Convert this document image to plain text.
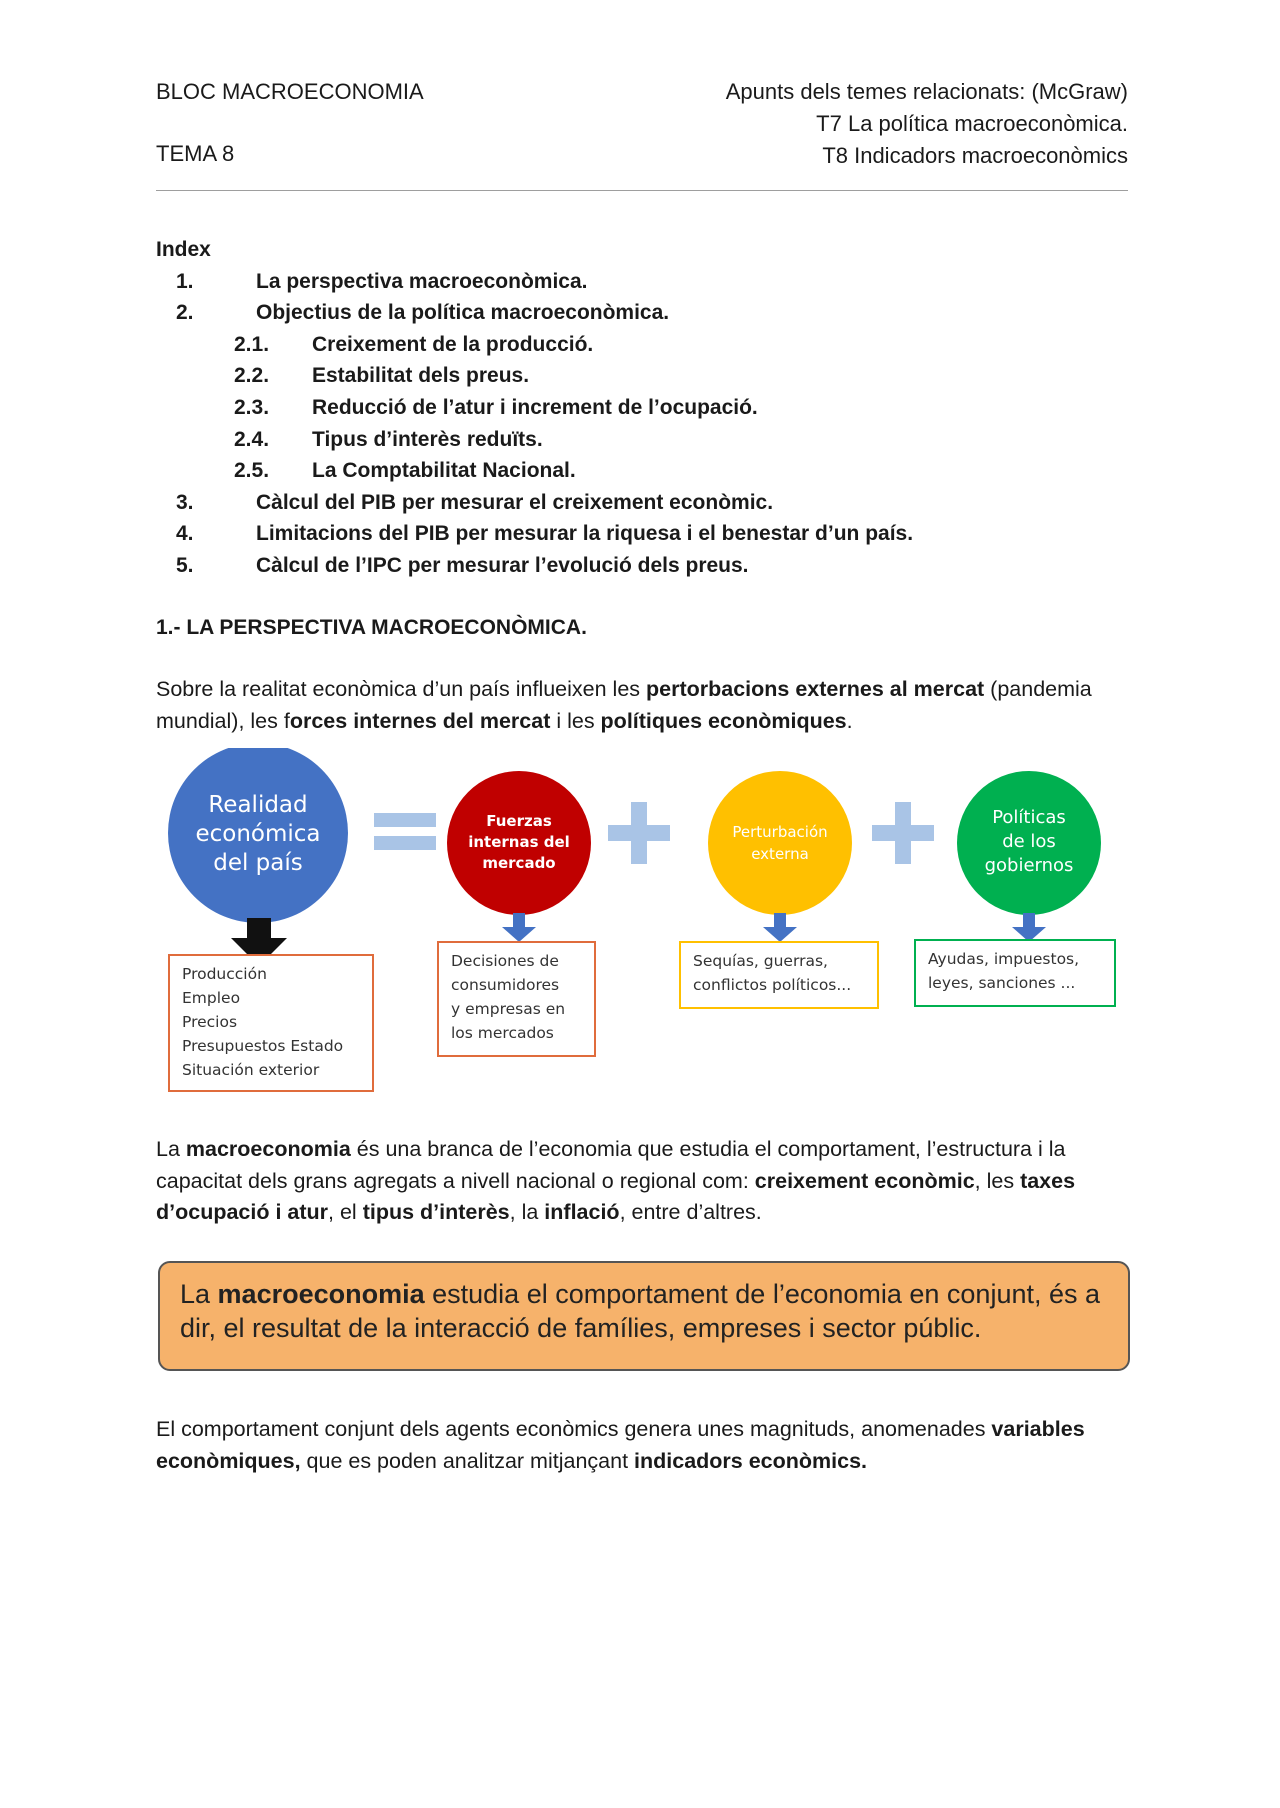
BLOC MACROECONOMIA
TEMA 8
Apunts dels temes relacionats: (McGraw)
T7 La política macroeconòmica.
T8 Indicadors macroeconòmics
Index
1.	La perspectiva macroeconòmica.
2.	Objectius de la política macroeconòmica.
2.1.	Creixement de la producció.
2.2.	Estabilitat dels preus.
2.3.	Reducció de l’atur i increment de l’ocupació.
2.4.	Tipus d’interès reduïts.
2.5.	La Comptabilitat Nacional.
3.	Càlcul del PIB per mesurar el creixement econòmic.
4.	Limitacions del PIB per mesurar la riquesa i el benestar d’un país.
5.	Càlcul de l’IPC per mesurar l’evolució dels preus.
1.- LA PERSPECTIVA MACROECONÒMICA.
Sobre la realitat econòmica d’un país influeixen les pertorbacions externes al mercat (pandemia mundial), les forces internes del mercat i les polítiques econòmiques.
Realidad
económica
del país
Fuerzas
internas del
mercado
Perturbación
externa
Políticas
de los
gobiernos
Producción
Empleo
Precios
Presupuestos Estado
Situación exterior
Decisiones de
consumidores
y empresas en
los mercados
Sequías, guerras,
conflictos políticos...
Ayudas, impuestos,
leyes, sanciones ...
La macroeconomia és una branca de l’economia que estudia el comportament, l’estructura i la capacitat dels grans agregats a nivell nacional o regional com: creixement econòmic, les taxes d’ocupació i atur, el tipus d’interès, la inflació, entre d’altres.
La macroeconomia estudia el comportament de l’economia en conjunt, és a dir, el resultat de la interacció de famílies, empreses i sector públic.
El comportament conjunt dels agents econòmics genera unes magnituds, anomenades variables econòmiques, que es poden analitzar mitjançant indicadors econòmics.
